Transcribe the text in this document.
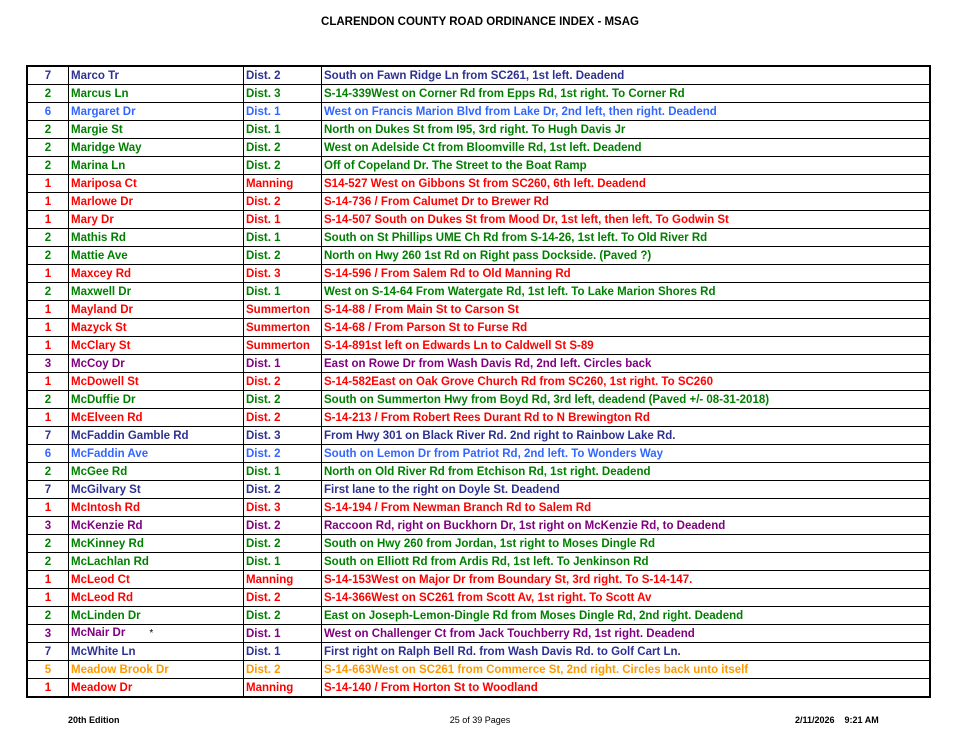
CLARENDON COUNTY ROAD ORDINANCE INDEX - MSAG
7	Marco Tr	Dist. 2	South on Fawn Ridge Ln from SC261, 1st left. Deadend
2	Marcus Ln	Dist. 3	S-14-339West on Corner Rd from Epps Rd, 1st right. To Corner Rd
6	Margaret Dr	Dist. 1	West on Francis Marion Blvd from Lake Dr, 2nd left, then right. Deadend
2	Margie St	Dist. 1	North on Dukes St from I95, 3rd right. To Hugh Davis Jr
2	Maridge Way	Dist. 2	West on Adelside Ct from Bloomville Rd, 1st left. Deadend
2	Marina Ln	Dist. 2	Off of Copeland Dr. The Street to the Boat Ramp
1	Mariposa Ct	Manning	S14-527 West on Gibbons St from SC260, 6th left. Deadend
1	Marlowe Dr	Dist. 2	S-14-736 / From Calumet Dr to Brewer Rd
1	Mary Dr	Dist. 1	S-14-507 South on Dukes St from Mood Dr, 1st left, then left. To Godwin St
2	Mathis Rd	Dist. 1	South on St Phillips UME Ch Rd from S-14-26, 1st left. To Old River Rd
2	Mattie Ave	Dist. 2	North on Hwy 260 1st Rd on Right pass Dockside. (Paved ?)
1	Maxcey Rd	Dist. 3	S-14-596 / From Salem Rd to Old Manning Rd
2	Maxwell Dr	Dist. 1	West on S-14-64 From Watergate Rd, 1st left. To Lake Marion Shores Rd
1	Mayland Dr	Summerton	S-14-88 / From Main St to Carson St
1	Mazyck St	Summerton	S-14-68 / From Parson St to Furse Rd
1	McClary St	Summerton	S-14-891st left on Edwards Ln to Caldwell St S-89
3	McCoy Dr	Dist. 1	East on Rowe Dr from Wash Davis Rd, 2nd left. Circles back
1	McDowell St	Dist. 2	S-14-582East on Oak Grove Church Rd from SC260, 1st right. To SC260
2	McDuffie Dr	Dist. 2	South on Summerton Hwy from Boyd Rd, 3rd left, deadend (Paved +/- 08-31-2018)
1	McElveen Rd	Dist. 2	S-14-213 / From Robert Rees Durant Rd to N Brewington Rd
7	McFaddin Gamble Rd	Dist. 3	From Hwy 301 on Black River Rd. 2nd right to Rainbow Lake Rd.
6	McFaddin Ave	Dist. 2	South on Lemon Dr from Patriot Rd, 2nd left. To Wonders Way
2	McGee Rd	Dist. 1	North on Old River Rd from Etchison Rd, 1st right. Deadend
7	McGilvary St	Dist. 2	First lane to the right on Doyle St. Deadend
1	McIntosh Rd	Dist. 3	S-14-194 / From Newman Branch Rd to Salem Rd
3	McKenzie Rd	Dist. 2	Raccoon Rd, right on Buckhorn Dr, 1st right on McKenzie Rd, to Deadend
2	McKinney Rd	Dist. 2	South on Hwy 260 from Jordan, 1st right to Moses Dingle Rd
2	McLachlan Rd	Dist. 1	South on Elliott Rd from Ardis Rd, 1st left. To Jenkinson Rd
1	McLeod Ct	Manning	S-14-153West on Major Dr from Boundary St, 3rd right. To S-14-147.
1	McLeod Rd	Dist. 2	S-14-366West on SC261 from Scott Av, 1st right. To Scott Av
2	McLinden Dr	Dist. 2	East on Joseph-Lemon-Dingle Rd from Moses Dingle Rd, 2nd right. Deadend
3	McNair Dr *	Dist. 1	West on Challenger Ct from Jack Touchberry Rd, 1st right. Deadend
7	McWhite Ln	Dist. 1	First right on Ralph Bell Rd. from Wash Davis Rd. to Golf Cart Ln.
5	Meadow Brook Dr	Dist. 2	S-14-663West on SC261 from Commerce St, 2nd right. Circles back unto itself
1	Meadow Dr	Manning	S-14-140 / From Horton St to Woodland
20th Edition	25 of 39 Pages	2/11/2026    9:21 AM
